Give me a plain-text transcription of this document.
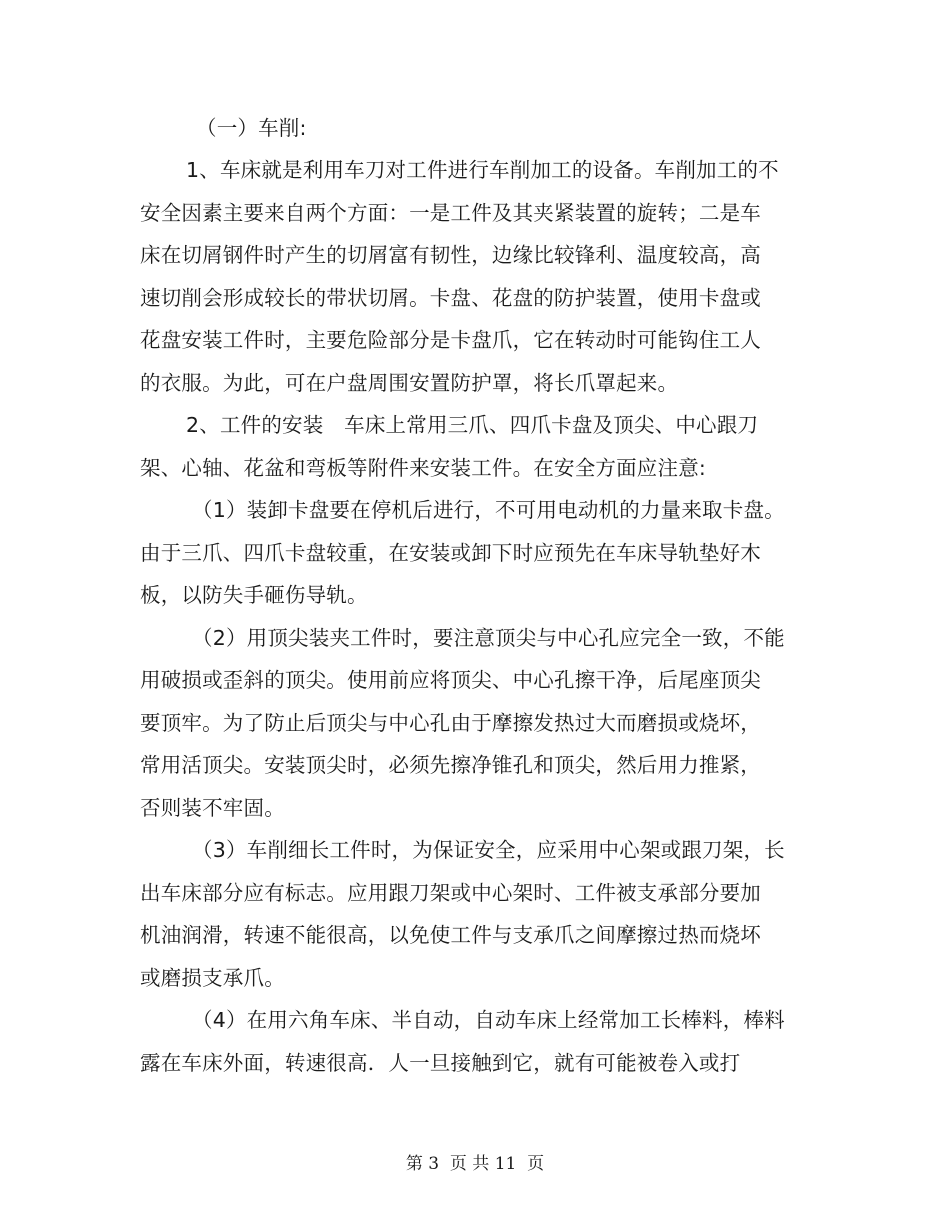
（一）车削:
1、车床就是利用车刀对工件进行车削加工的设备。车削加工的不
安全因素主要来自两个方面：一是工件及其夹紧装置的旋转；二是车
床在切屑钢件时产生的切屑富有韧性，边缘比较锋利、温度较高，高
速切削会形成较长的带状切屑。卡盘、花盘的防护装置，使用卡盘或
花盘安装工件时，主要危险部分是卡盘爪，它在转动时可能钩住工人
的衣服。为此，可在户盘周围安置防护罩，将长爪罩起来。
2、工件的安装　车床上常用三爪、四爪卡盘及顶尖、中心跟刀
架、心轴、花盆和弯板等附件来安装工件。在安全方面应注意:
（1）装卸卡盘要在停机后进行，不可用电动机的力量来取卡盘。
由于三爪、四爪卡盘较重，在安装或卸下时应预先在车床导轨垫好木
板，以防失手砸伤导轨。
（2）用顶尖装夹工件时，要注意顶尖与中心孔应完全一致，不能
用破损或歪斜的顶尖。使用前应将顶尖、中心孔擦干净，后尾座顶尖
要顶牢。为了防止后顶尖与中心孔由于摩擦发热过大而磨损或烧坏，
常用活顶尖。安装顶尖时，必须先擦净锥孔和顶尖，然后用力推紧，
否则装不牢固。
（3）车削细长工件时，为保证安全，应采用中心架或跟刀架，长
出车床部分应有标志。应用跟刀架或中心架时、工件被支承部分要加
机油润滑，转速不能很高，以免使工件与支承爪之间摩擦过热而烧坏
或磨损支承爪。
（4）在用六角车床、半自动，自动车床上经常加工长棒料，棒料
露在车床外面，转速很高．人一旦接触到它，就有可能被卷入或打
第 3  页 共 11  页
